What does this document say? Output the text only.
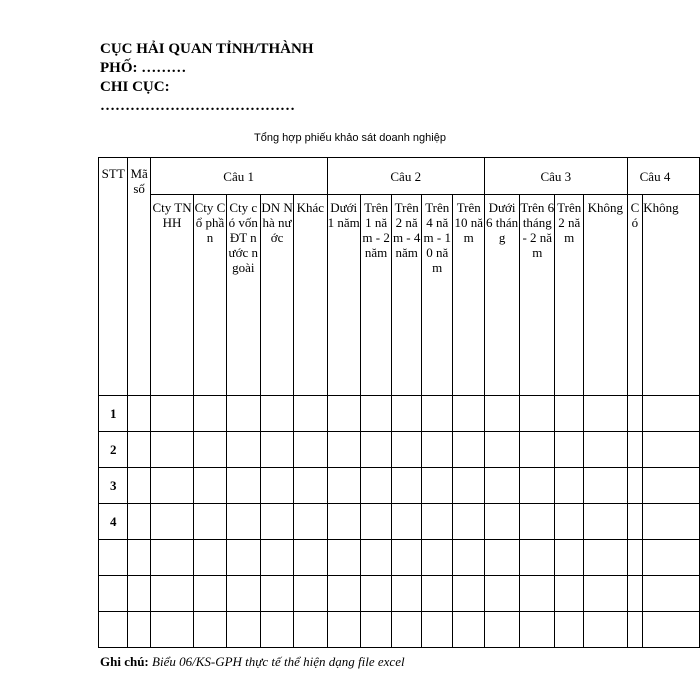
CỤC HẢI QUAN TỈNH/THÀNH
PHỐ: ………
CHI CỤC:
…………………………………
Tổng hợp phiếu khảo sát doanh nghiệp
STT	Mã số	Câu 1					Câu 2					Câu 3				Câu 4	
		Cty TNHH	Cty Cổ phần	Cty có vốn ĐT nước ngoài	DN Nhà nước	Khác	Dưới 1 năm	Trên 1 năm - 2 năm	Trên 2 năm - 4 năm	Trên 4 năm - 10 năm	Trên 10 năm	Dưới 6 tháng	Trên 6 tháng - 2 năm	Trên 2 năm	Không	Có	Không
1																	
2																	
3																	
4																	

Ghi chú: Biểu 06/KS-GPH thực tế thể hiện dạng file excel
